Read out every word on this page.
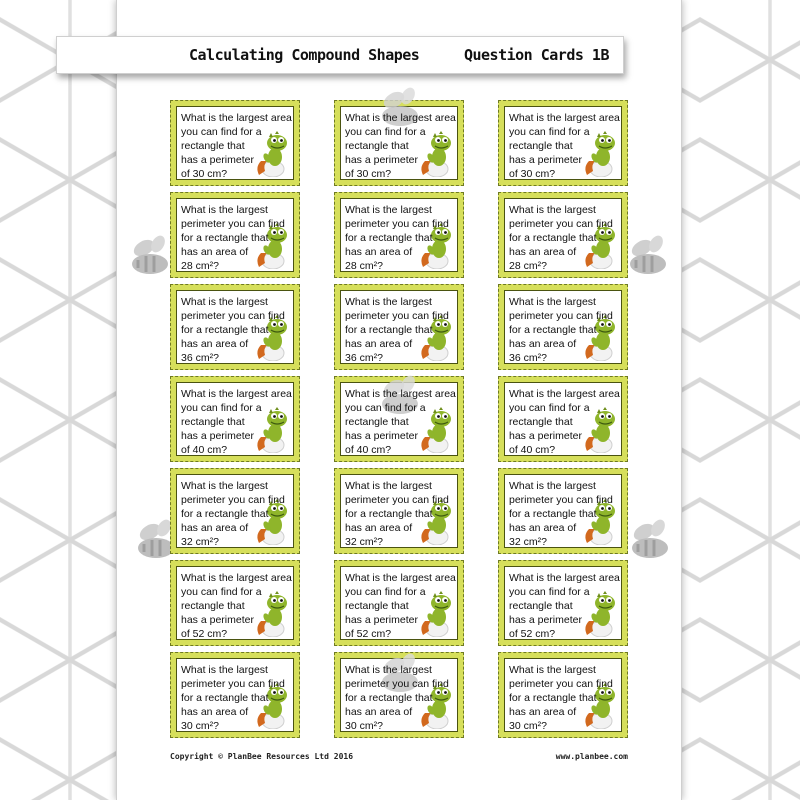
Calculating Compound Shapes	Question Cards 1B
What is the largest area
you can find for a
rectangle that
has a perimeter
of 30 cm?
What is the largest
perimeter you can find
for a rectangle that
has an area of
28 cm²?
What is the largest
perimeter you can find
for a rectangle that
has an area of
36 cm²?
What is the largest area
you can find for a
rectangle that
has a perimeter
of 40 cm?
What is the largest
perimeter you can find
for a rectangle that
has an area of
32 cm²?
What is the largest area
you can find for a
rectangle that
has a perimeter
of 52 cm?
What is the largest
perimeter you can find
for a rectangle that
has an area of
30 cm²?
What is the largest area
you can find for a
rectangle that
has a perimeter
of 30 cm?
What is the largest
perimeter you can find
for a rectangle that
has an area of
28 cm²?
What is the largest
perimeter you can find
for a rectangle that
has an area of
36 cm²?
What is the largest area
you can find for a
rectangle that
has a perimeter
of 40 cm?
What is the largest
perimeter you can find
for a rectangle that
has an area of
32 cm²?
What is the largest area
you can find for a
rectangle that
has a perimeter
of 52 cm?
What is the largest
perimeter you can find
for a rectangle that
has an area of
30 cm²?
What is the largest area
you can find for a
rectangle that
has a perimeter
of 30 cm?
What is the largest
perimeter you can find
for a rectangle that
has an area of
28 cm²?
What is the largest
perimeter you can find
for a rectangle that
has an area of
36 cm²?
What is the largest area
you can find for a
rectangle that
has a perimeter
of 40 cm?
What is the largest
perimeter you can find
for a rectangle that
has an area of
32 cm²?
What is the largest area
you can find for a
rectangle that
has a perimeter
of 52 cm?
What is the largest
perimeter you can find
for a rectangle that
has an area of
30 cm²?
Copyright © PlanBee Resources Ltd 2016	www.planbee.com
